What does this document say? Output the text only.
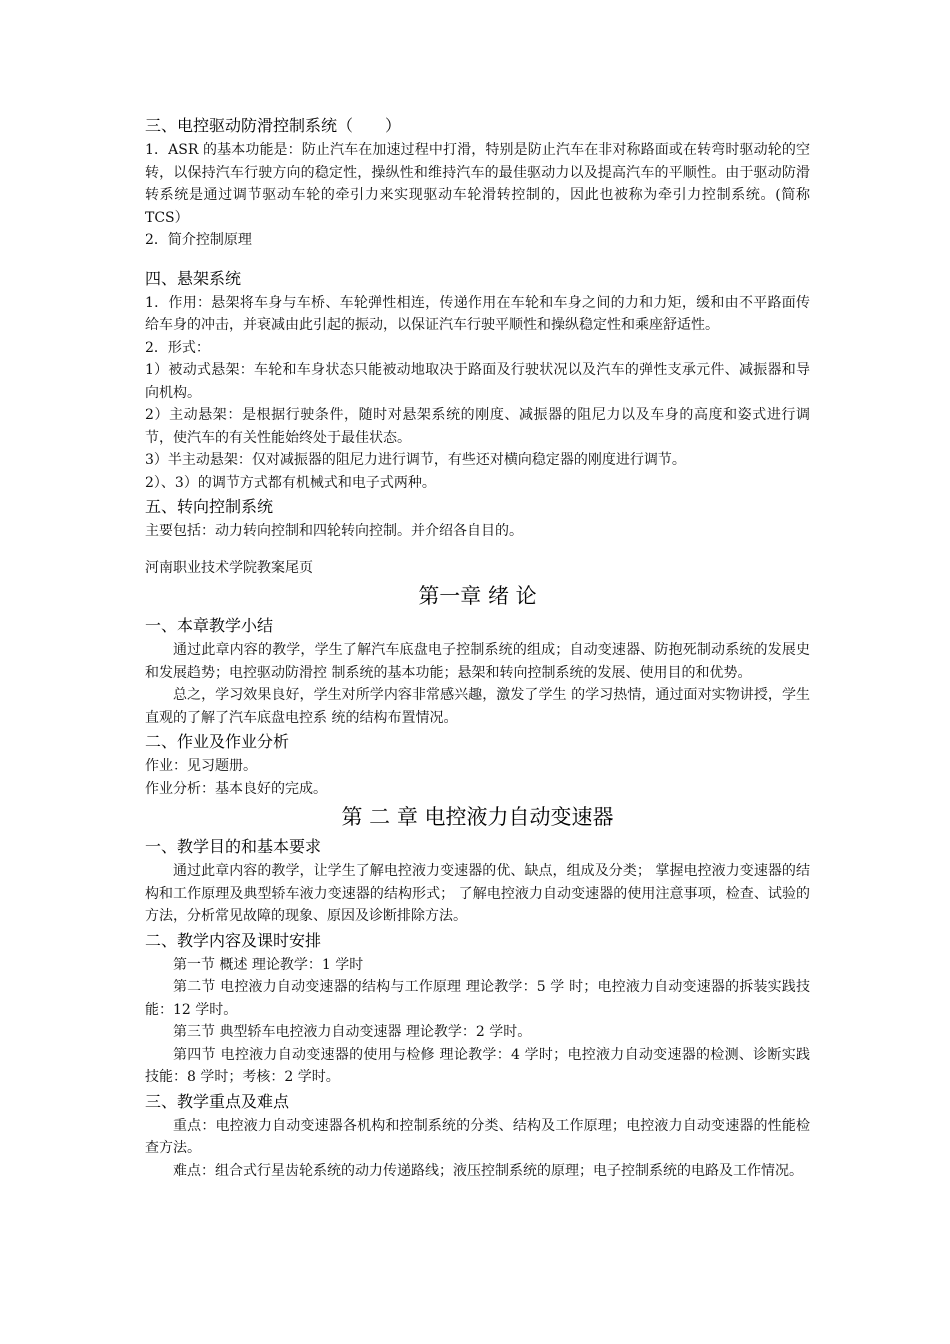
三、电控驱动防滑控制系统（　　）

1．ASR 的基本功能是：防止汽车在加速过程中打滑，特别是防止汽车在非对称路面或在转弯时驱动轮的空转，以保持汽车行驶方向的稳定性，操纵性和维持汽车的最佳驱动力以及提高汽车的平顺性。由于驱动防滑转系统是通过调节驱动车轮的牵引力来实现驱动车轮滑转控制的，因此也被称为牵引力控制系统。(简称 TCS）

2．简介控制原理

四、悬架系统

1．作用：悬架将车身与车桥、车轮弹性相连，传递作用在车轮和车身之间的力和力矩，缓和由不平路面传给车身的冲击，并衰减由此引起的振动，以保证汽车行驶平顺性和操纵稳定性和乘座舒适性。

2．形式：

1）被动式悬架：车轮和车身状态只能被动地取决于路面及行驶状况以及汽车的弹性支承元件、减振器和导向机构。

2）主动悬架：是根据行驶条件，随时对悬架系统的刚度、减振器的阻尼力以及车身的高度和姿式进行调节，使汽车的有关性能始终处于最佳状态。

3）半主动悬架：仅对减振器的阻尼力进行调节，有些还对横向稳定器的刚度进行调节。

2）、3）的调节方式都有机械式和电子式两种。

五、转向控制系统

主要包括：动力转向控制和四轮转向控制。并介绍各自目的。

河南职业技术学院教案尾页

第一章 绪 论

一、本章教学小结

通过此章内容的教学，学生了解汽车底盘电子控制系统的组成；自动变速器、防抱死制动系统的发展史和发展趋势；电控驱动防滑控 制系统的基本功能；悬架和转向控制系统的发展、使用目的和优势。

总之，学习效果良好，学生对所学内容非常感兴趣，激发了学生 的学习热情，通过面对实物讲授，学生直观的了解了汽车底盘电控系 统的结构布置情况。

二、作业及作业分析

作业：见习题册。

作业分析：基本良好的完成。

第 二 章 电控液力自动变速器

一、教学目的和基本要求

通过此章内容的教学，让学生了解电控液力变速器的优、缺点，组成及分类； 掌握电控液力变速器的结构和工作原理及典型轿车液力变速器的结构形式； 了解电控液力自动变速器的使用注意事项，检查、试验的方法，分析常见故障的现象、原因及诊断排除方法。

二、教学内容及课时安排

第一节 概述 理论教学：1 学时

第二节 电控液力自动变速器的结构与工作原理 理论教学：5 学 时；电控液力自动变速器的拆装实践技能：12 学时。

第三节 典型轿车电控液力自动变速器 理论教学：2 学时。

第四节 电控液力自动变速器的使用与检修 理论教学：4 学时；电控液力自动变速器的检测、诊断实践技能：8 学时；考核：2 学时。

三、教学重点及难点

重点：电控液力自动变速器各机构和控制系统的分类、结构及工作原理；电控液力自动变速器的性能检查方法。

难点：组合式行星齿轮系统的动力传递路线；液压控制系统的原理；电子控制系统的电路及工作情况。
